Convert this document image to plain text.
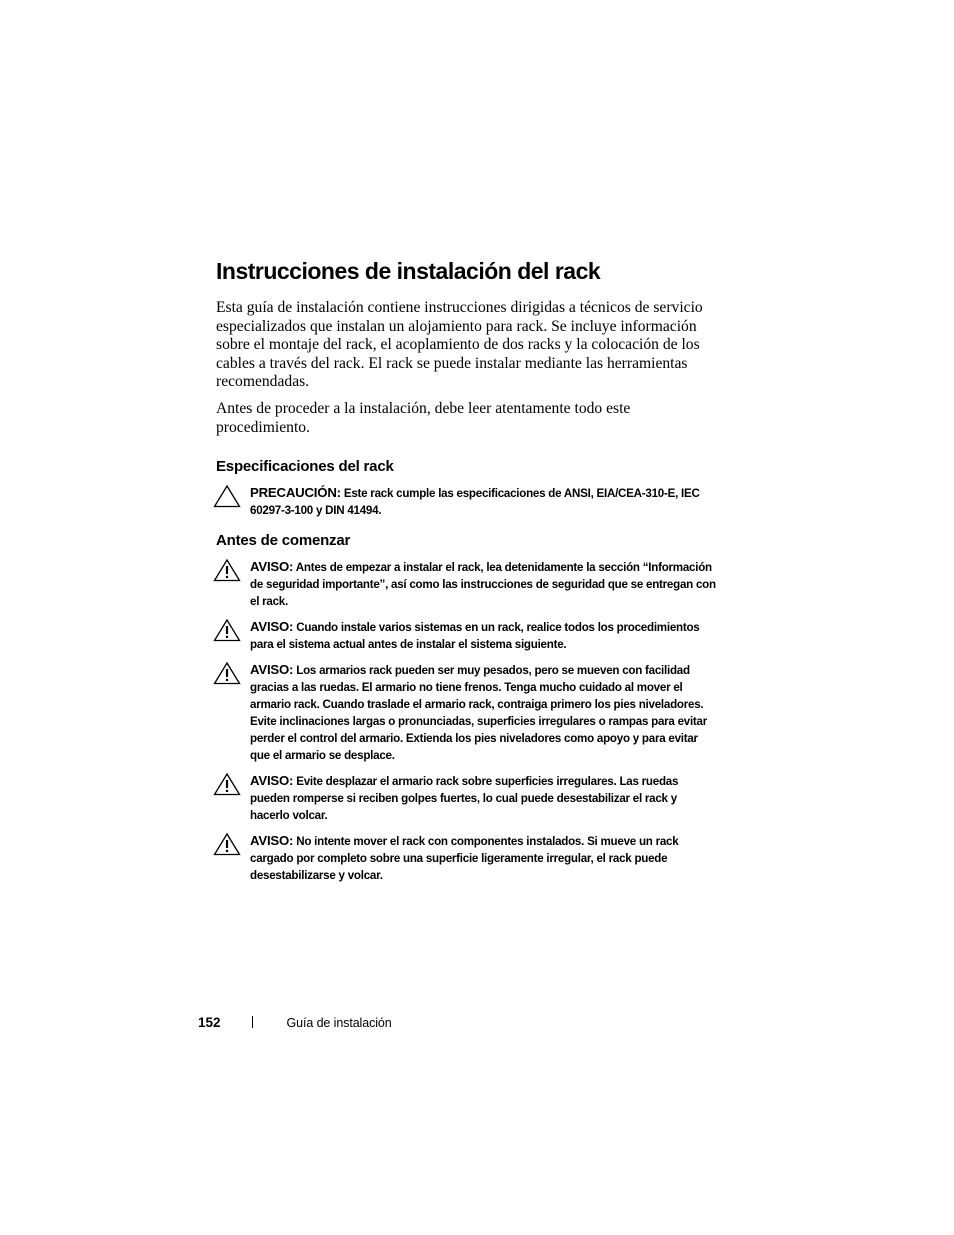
Instrucciones de instalación del rack

Esta guía de instalación contiene instrucciones dirigidas a técnicos de servicio especializados que instalan un alojamiento para rack. Se incluye información sobre el montaje del rack, el acoplamiento de dos racks y la colocación de los cables a través del rack. El rack se puede instalar mediante las herramientas recomendadas.

Antes de proceder a la instalación, debe leer atentamente todo este procedimiento.

Especificaciones del rack
PRECAUCIÓN: Este rack cumple las especificaciones de ANSI, EIA/CEA-310-E, IEC 60297-3-100 y DIN 41494.
Antes de comenzar
AVISO: Antes de empezar a instalar el rack, lea detenidamente la sección “Información de seguridad importante”, así como las instrucciones de seguridad que se entregan con el rack.
AVISO: Cuando instale varios sistemas en un rack, realice todos los procedimientos para el sistema actual antes de instalar el sistema siguiente.
AVISO: Los armarios rack pueden ser muy pesados, pero se mueven con facilidad gracias a las ruedas. El armario no tiene frenos. Tenga mucho cuidado al mover el armario rack. Cuando traslade el armario rack, contraiga primero los pies niveladores. Evite inclinaciones largas o pronunciadas, superficies irregulares o rampas para evitar perder el control del armario. Extienda los pies niveladores como apoyo y para evitar que el armario se desplace.
AVISO: Evite desplazar el armario rack sobre superficies irregulares. Las ruedas pueden romperse si reciben golpes fuertes, lo cual puede desestabilizar el rack y hacerlo volcar.
AVISO: No intente mover el rack con componentes instalados. Si mueve un rack cargado por completo sobre una superficie ligeramente irregular, el rack puede desestabilizarse y volcar.
152	Guía de instalación
